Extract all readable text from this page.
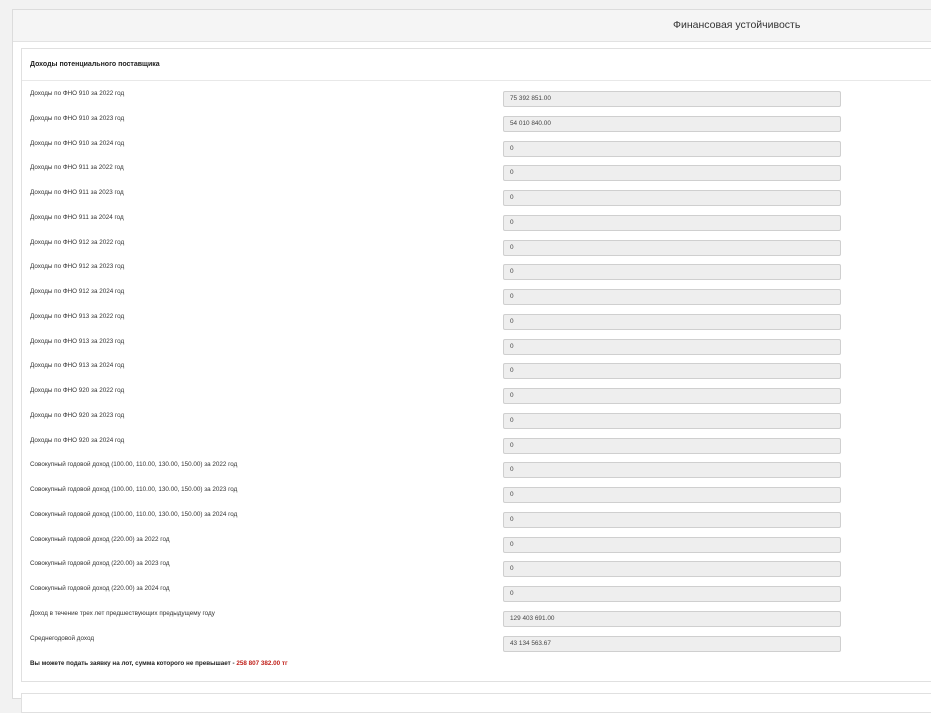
Финансовая устойчивость
Доходы потенциального поставщика
Доходы по ФНО 910 за 2022 год
75 392 851.00
Доходы по ФНО 910 за 2023 год
54 010 840.00
Доходы по ФНО 910 за 2024 год
0
Доходы по ФНО 911 за 2022 год
0
Доходы по ФНО 911 за 2023 год
0
Доходы по ФНО 911 за 2024 год
0
Доходы по ФНО 912 за 2022 год
0
Доходы по ФНО 912 за 2023 год
0
Доходы по ФНО 912 за 2024 год
0
Доходы по ФНО 913 за 2022 год
0
Доходы по ФНО 913 за 2023 год
0
Доходы по ФНО 913 за 2024 год
0
Доходы по ФНО 920 за 2022 год
0
Доходы по ФНО 920 за 2023 год
0
Доходы по ФНО 920 за 2024 год
0
Совокупный годовой доход (100.00, 110.00, 130.00, 150.00) за 2022 год
0
Совокупный годовой доход (100.00, 110.00, 130.00, 150.00) за 2023 год
0
Совокупный годовой доход (100.00, 110.00, 130.00, 150.00) за 2024 год
0
Совокупный годовой доход (220.00) за 2022 год
0
Совокупный годовой доход (220.00) за 2023 год
0
Совокупный годовой доход (220.00) за 2024 год
0
Доход в течение трех лет предшествующих предыдущему году
129 403 691.00
Среднегодовой доход
43 134 563.67
Вы можете подать заявку на лот, сумма которого не превышает - 258 807 382.00 тг
